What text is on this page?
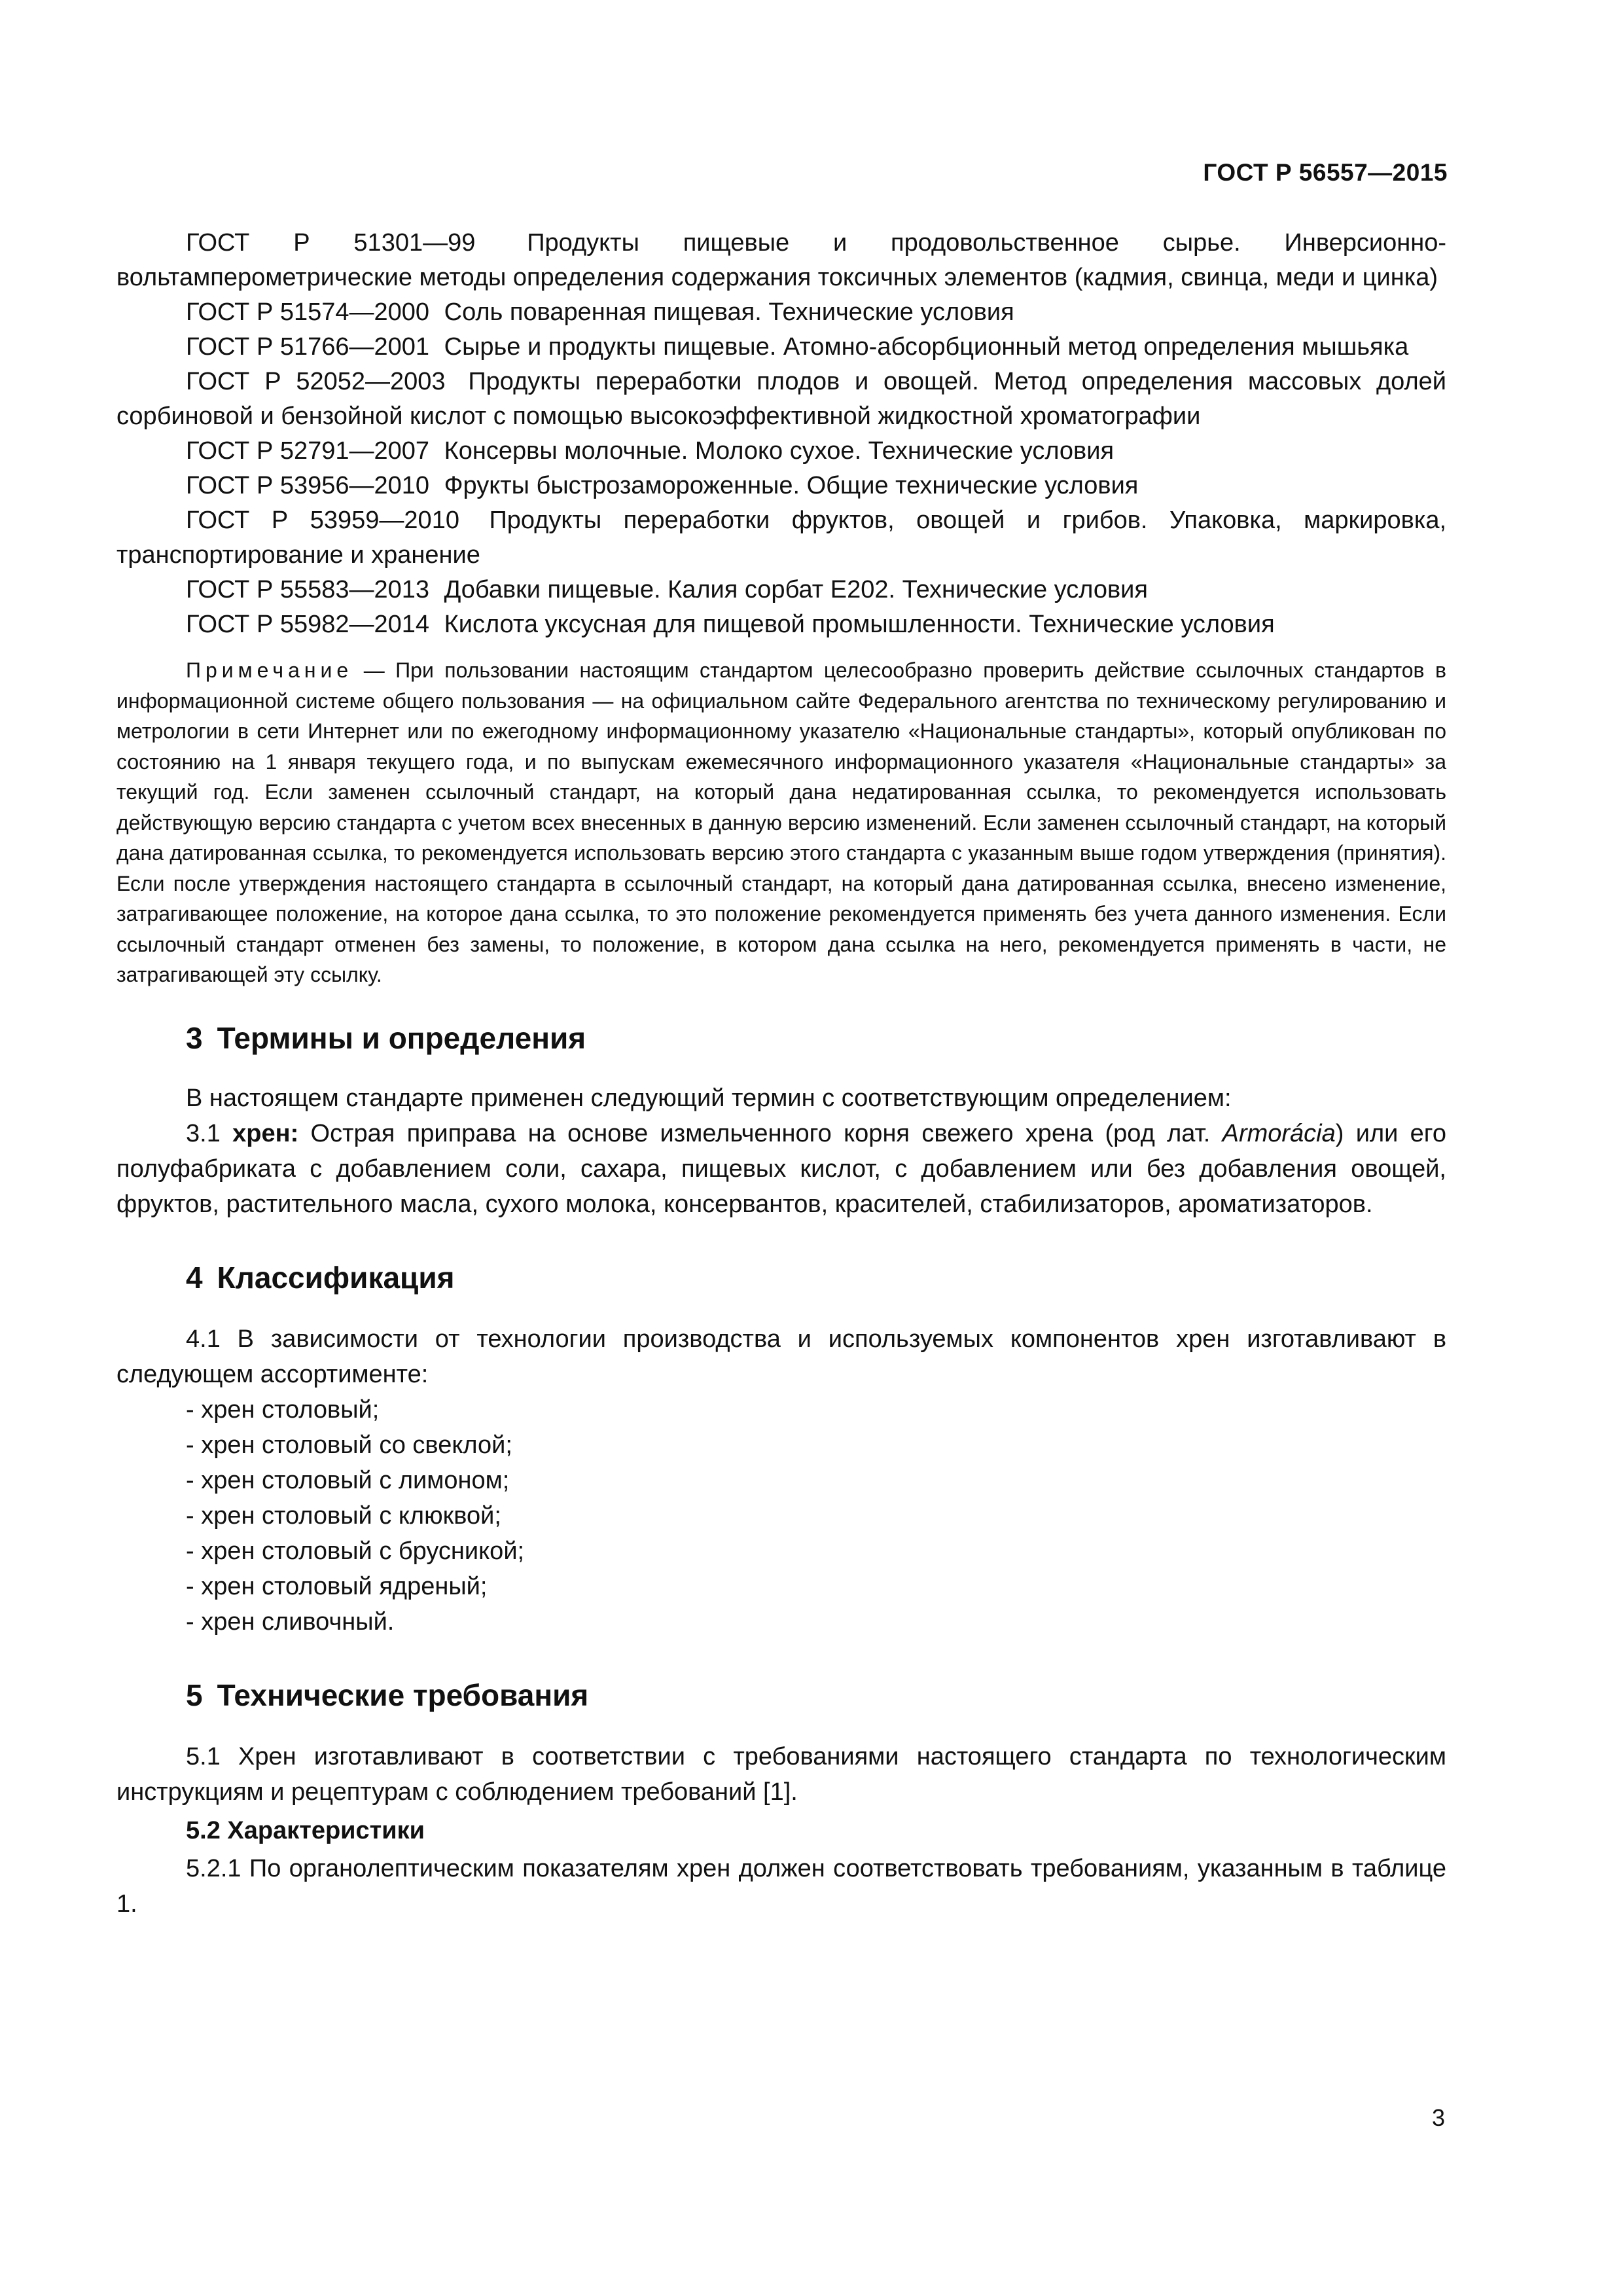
ГОСТ Р 56557—2015

ГОСТ Р 51301—99 Продукты пищевые и продовольственное сырье. Инверсионно-вольтамперометрические методы определения содержания токсичных элементов (кадмия, свинца, меди и цинка)

ГОСТ Р 51574—2000 Соль поваренная пищевая. Технические условия

ГОСТ Р 51766—2001 Сырье и продукты пищевые. Атомно-абсорбционный метод определения мышьяка

ГОСТ Р 52052—2003 Продукты переработки плодов и овощей. Метод определения массовых долей сорбиновой и бензойной кислот с помощью высокоэффективной жидкостной хроматографии

ГОСТ Р 52791—2007 Консервы молочные. Молоко сухое. Технические условия

ГОСТ Р 53956—2010 Фрукты быстрозамороженные. Общие технические условия

ГОСТ Р 53959—2010 Продукты переработки фруктов, овощей и грибов. Упаковка, маркировка, транспортирование и хранение

ГОСТ Р 55583—2013 Добавки пищевые. Калия сорбат Е202. Технические условия

ГОСТ Р 55982—2014 Кислота уксусная для пищевой промышленности. Технические условия

Примечание — При пользовании настоящим стандартом целесообразно проверить действие ссылочных стандартов в информационной системе общего пользования — на официальном сайте Федерального агентства по техническому регулированию и метрологии в сети Интернет или по ежегодному информационному указателю «Национальные стандарты», который опубликован по состоянию на 1 января текущего года, и по выпускам ежемесячного информационного указателя «Национальные стандарты» за текущий год. Если заменен ссылочный стандарт, на который дана недатированная ссылка, то рекомендуется использовать действующую версию стандарта с учетом всех внесенных в данную версию изменений. Если заменен ссылочный стандарт, на который дана датированная ссылка, то рекомендуется использовать версию этого стандарта с указанным выше годом утверждения (принятия). Если после утверждения настоящего стандарта в ссылочный стандарт, на который дана датированная ссылка, внесено изменение, затрагивающее положение, на которое дана ссылка, то это положение рекомендуется применять без учета данного изменения. Если ссылочный стандарт отменен без замены, то положение, в котором дана ссылка на него, рекомендуется применять в части, не затрагивающей эту ссылку.

3 Термины и определения

В настоящем стандарте применен следующий термин с соответствующим определением:

3.1 хрен: Острая приправа на основе измельченного корня свежего хрена (род лат. Armorácia) или его полуфабриката с добавлением соли, сахара, пищевых кислот, с добавлением или без добавления овощей, фруктов, растительного масла, сухого молока, консервантов, красителей, стабилизаторов, ароматизаторов.

4 Классификация

4.1 В зависимости от технологии производства и используемых компонентов хрен изготавливают в следующем ассортименте:

- хрен столовый;
- хрен столовый со свеклой;
- хрен столовый с лимоном;
- хрен столовый с клюквой;
- хрен столовый с брусникой;
- хрен столовый ядреный;
- хрен сливочный.
5 Технические требования

5.1 Хрен изготавливают в соответствии с требованиями настоящего стандарта по технологическим инструкциям и рецептурам с соблюдением требований [1].

5.2 Характеристики

5.2.1 По органолептическим показателям хрен должен соответствовать требованиям, указанным в таблице 1.

3
